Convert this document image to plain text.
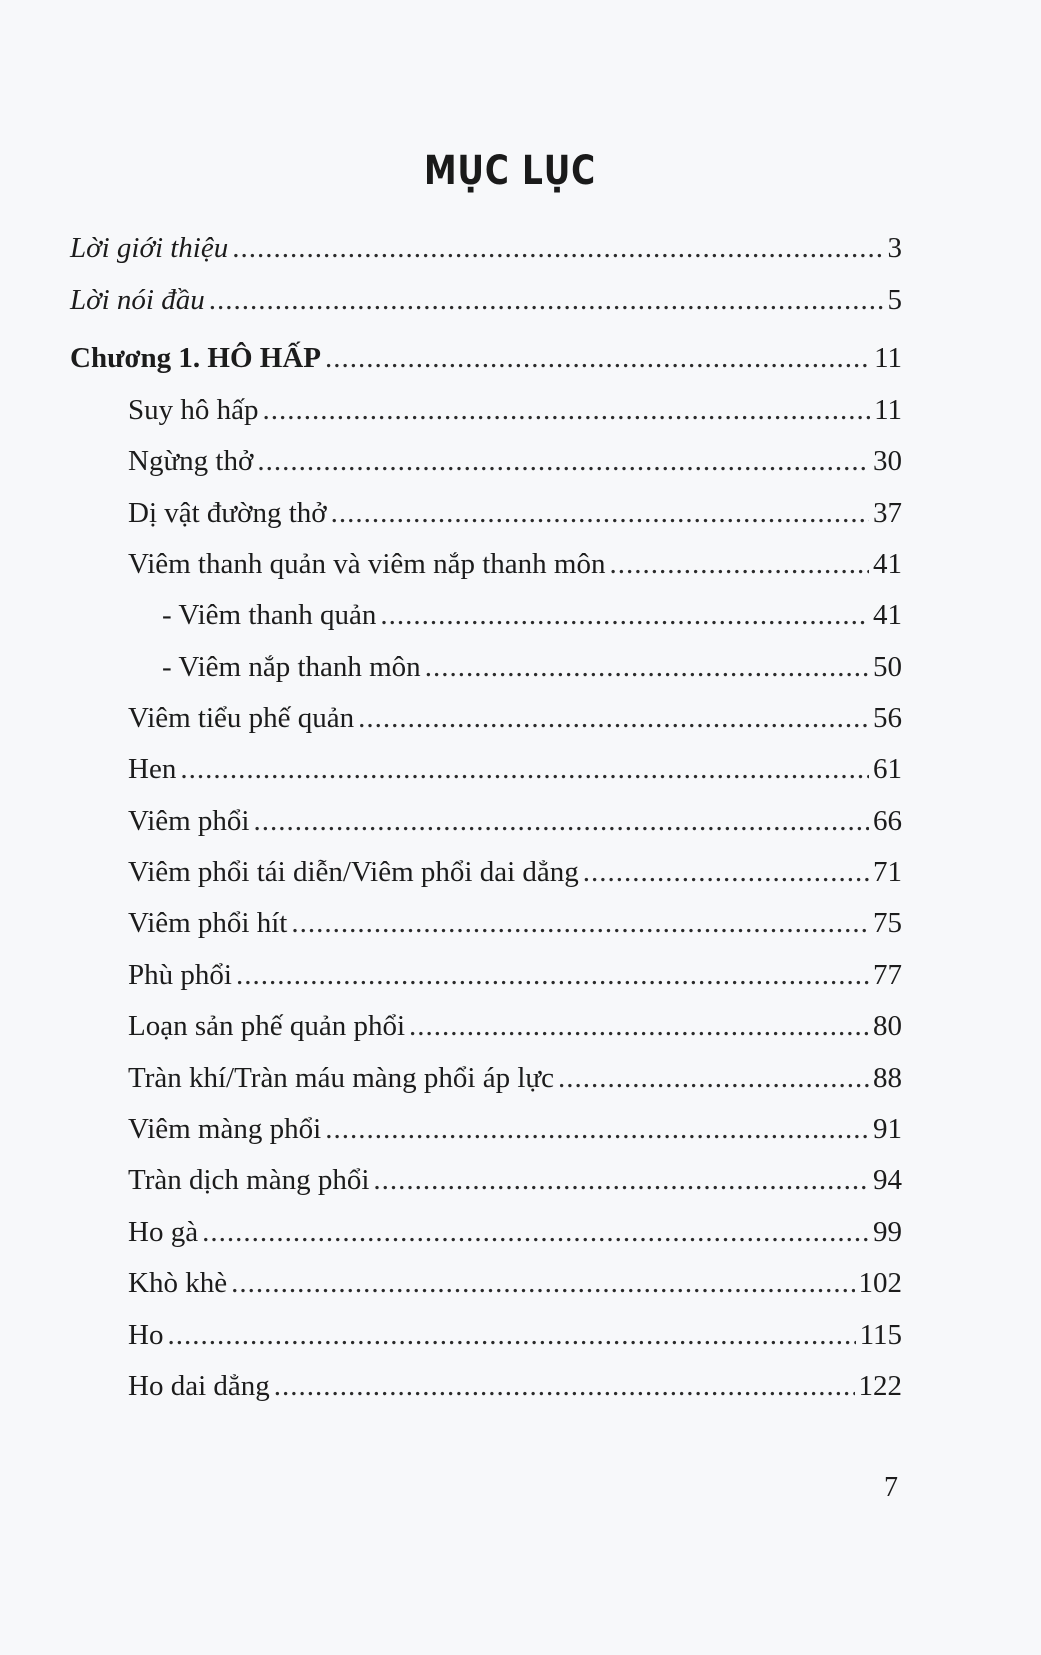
MỤC LỤC
Lời giới thiệu .....	3
Lời nói đầu .....	5
Chương 1. HÔ HẤP .....	11
Suy hô hấp .....	11
Ngừng thở .....	30
Dị vật đường thở .....	37
Viêm thanh quản và viêm nắp thanh môn .....	41
- Viêm thanh quản .....	41
- Viêm nắp thanh môn .....	50
Viêm tiểu phế quản .....	56
Hen .....	61
Viêm phổi .....	66
Viêm phổi tái diễn/Viêm phổi dai dẳng .....	71
Viêm phổi hít .....	75
Phù phổi .....	77
Loạn sản phế quản phổi .....	80
Tràn khí/Tràn máu màng phổi áp lực .....	88
Viêm màng phổi .....	91
Tràn dịch màng phổi .....	94
Ho gà .....	99
Khò khè .....	102
Ho .....	115
Ho dai dẳng .....	122
7
